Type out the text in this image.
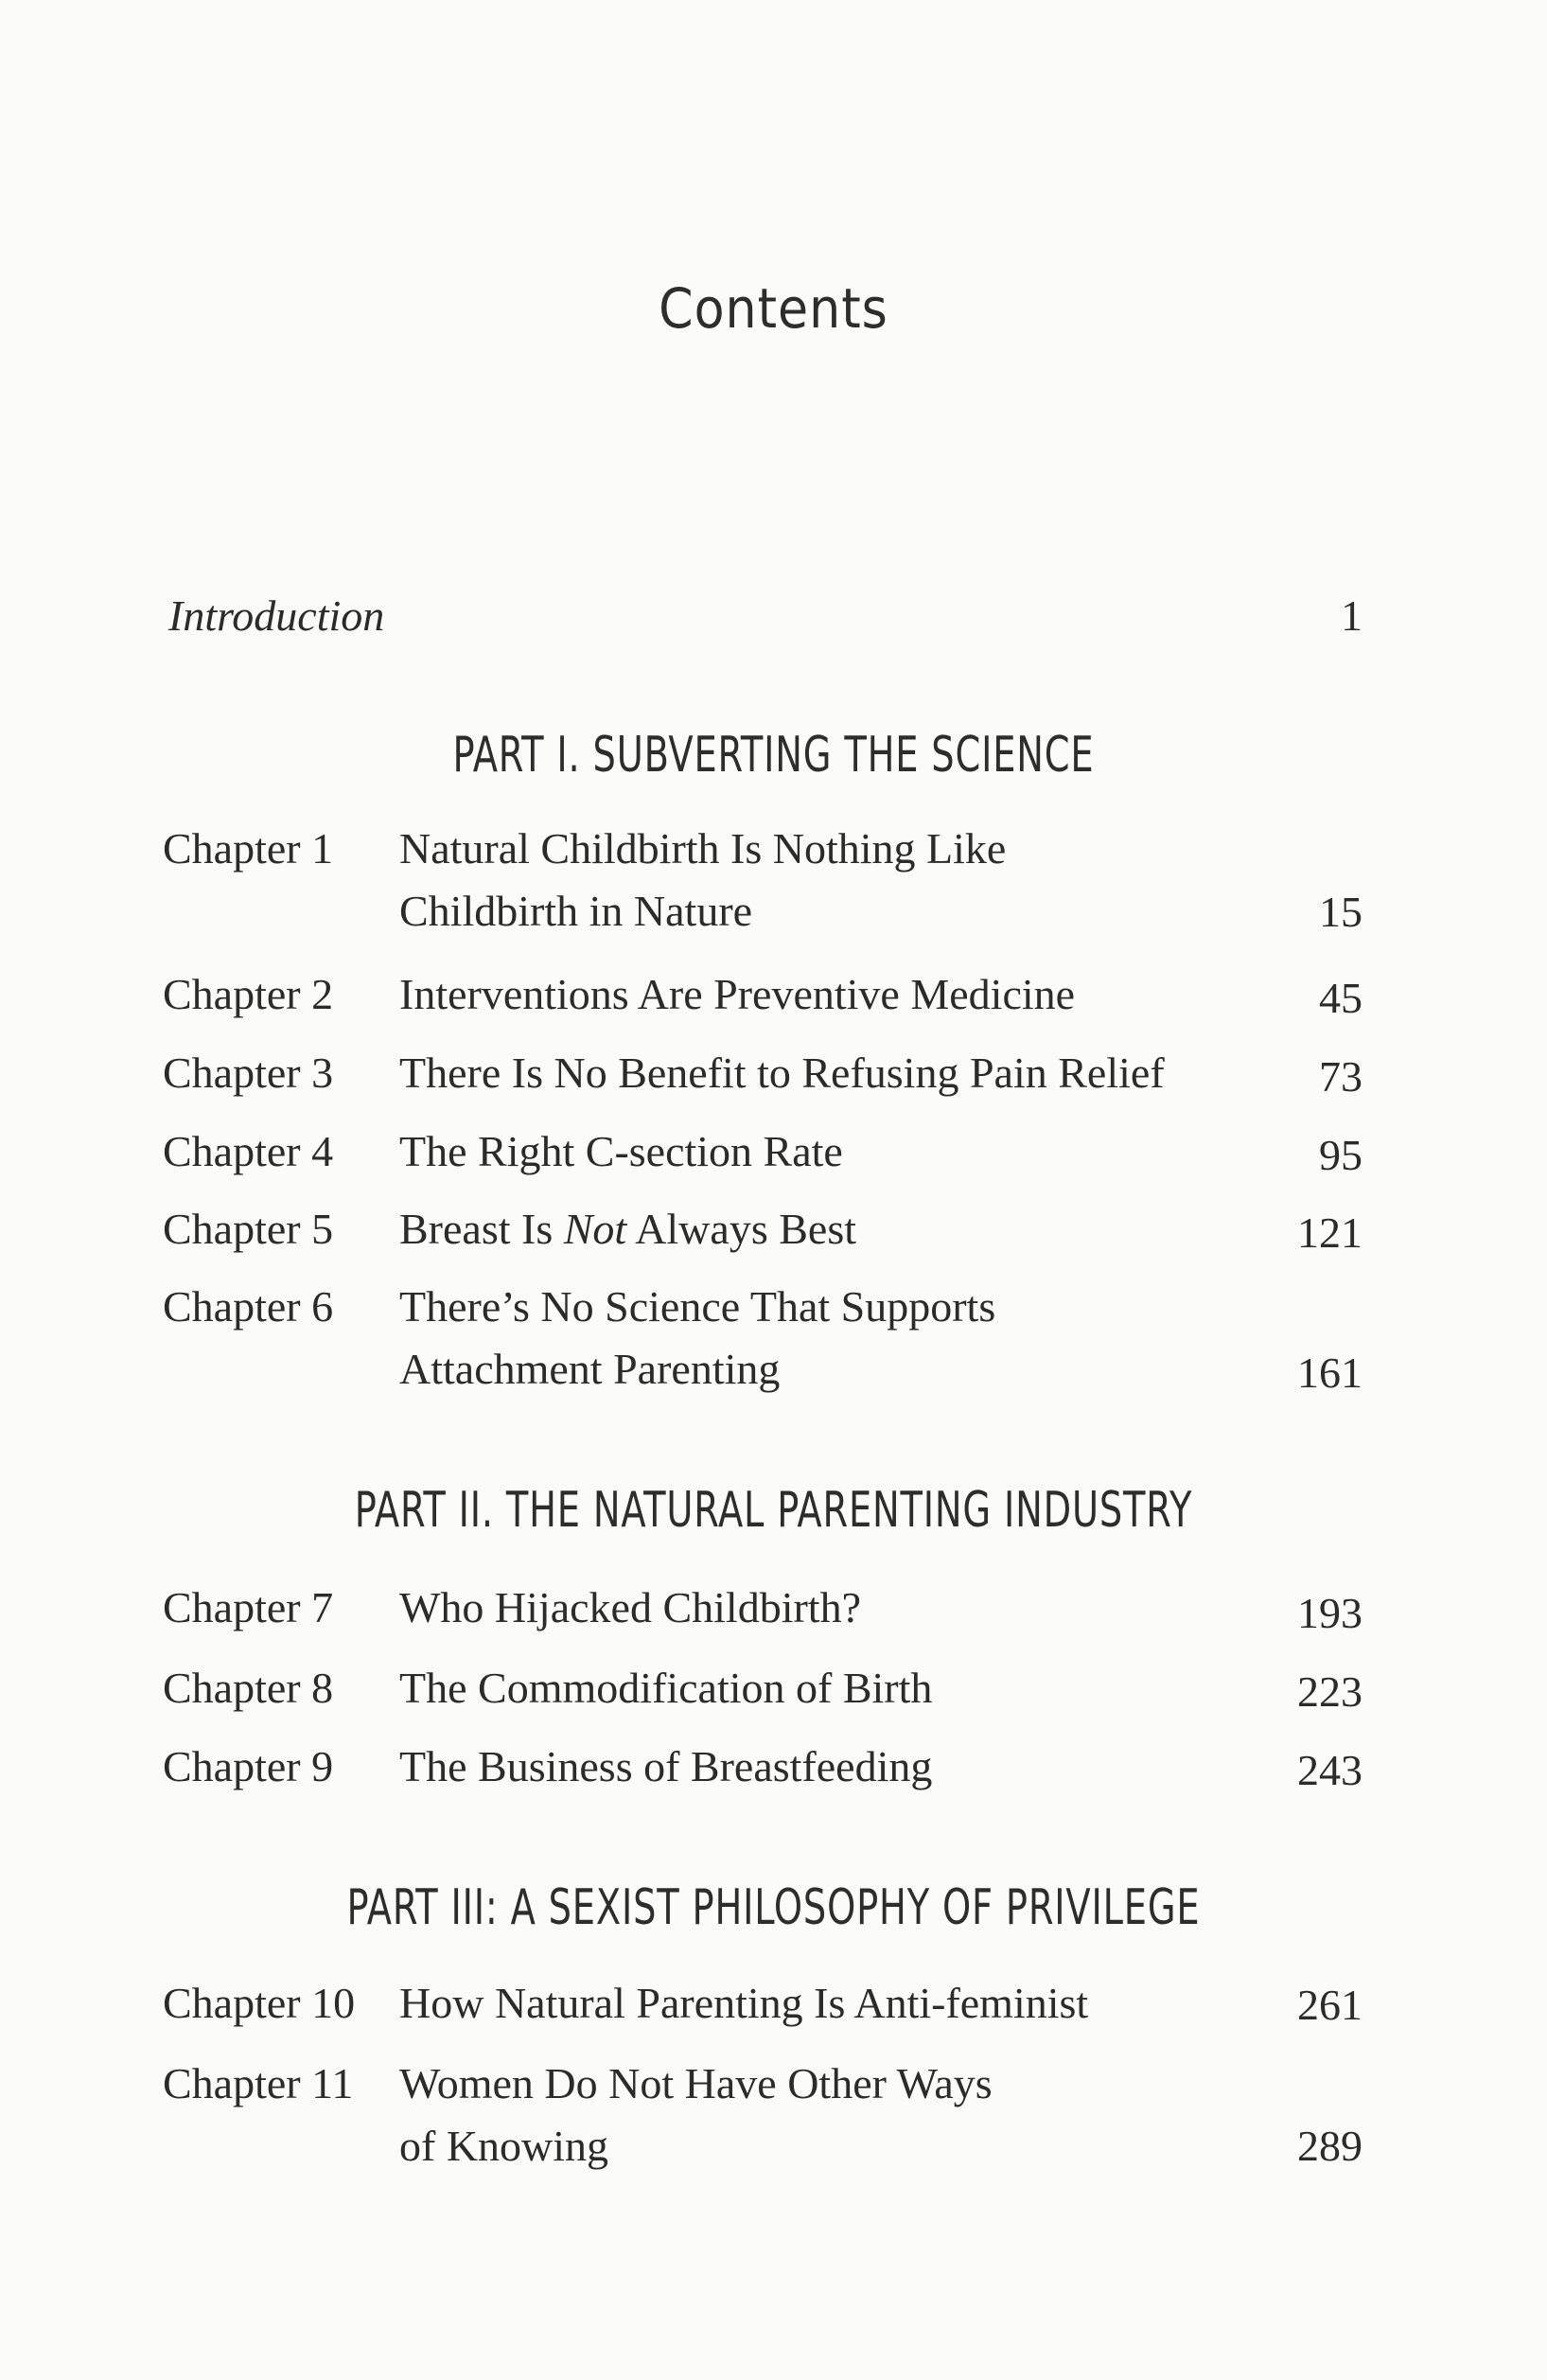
Contents
Introduction	1
PART I. SUBVERTING THE SCIENCE
Chapter 1 Natural Childbirth Is Nothing Like
Childbirth in Nature	15
Chapter 2 Interventions Are Preventive Medicine	45
Chapter 3 There Is No Benefit to Refusing Pain Relief	73
Chapter 4 The Right C-section Rate	95
Chapter 5 Breast Is Not Always Best	121
Chapter 6 There’s No Science That Supports
Attachment Parenting	161
PART II. THE NATURAL PARENTING INDUSTRY
Chapter 7 Who Hijacked Childbirth?	193
Chapter 8 The Commodification of Birth	223
Chapter 9 The Business of Breastfeeding	243
PART III: A SEXIST PHILOSOPHY OF PRIVILEGE
Chapter 10 How Natural Parenting Is Anti-feminist	261
Chapter 11 Women Do Not Have Other Ways
of Knowing	289
